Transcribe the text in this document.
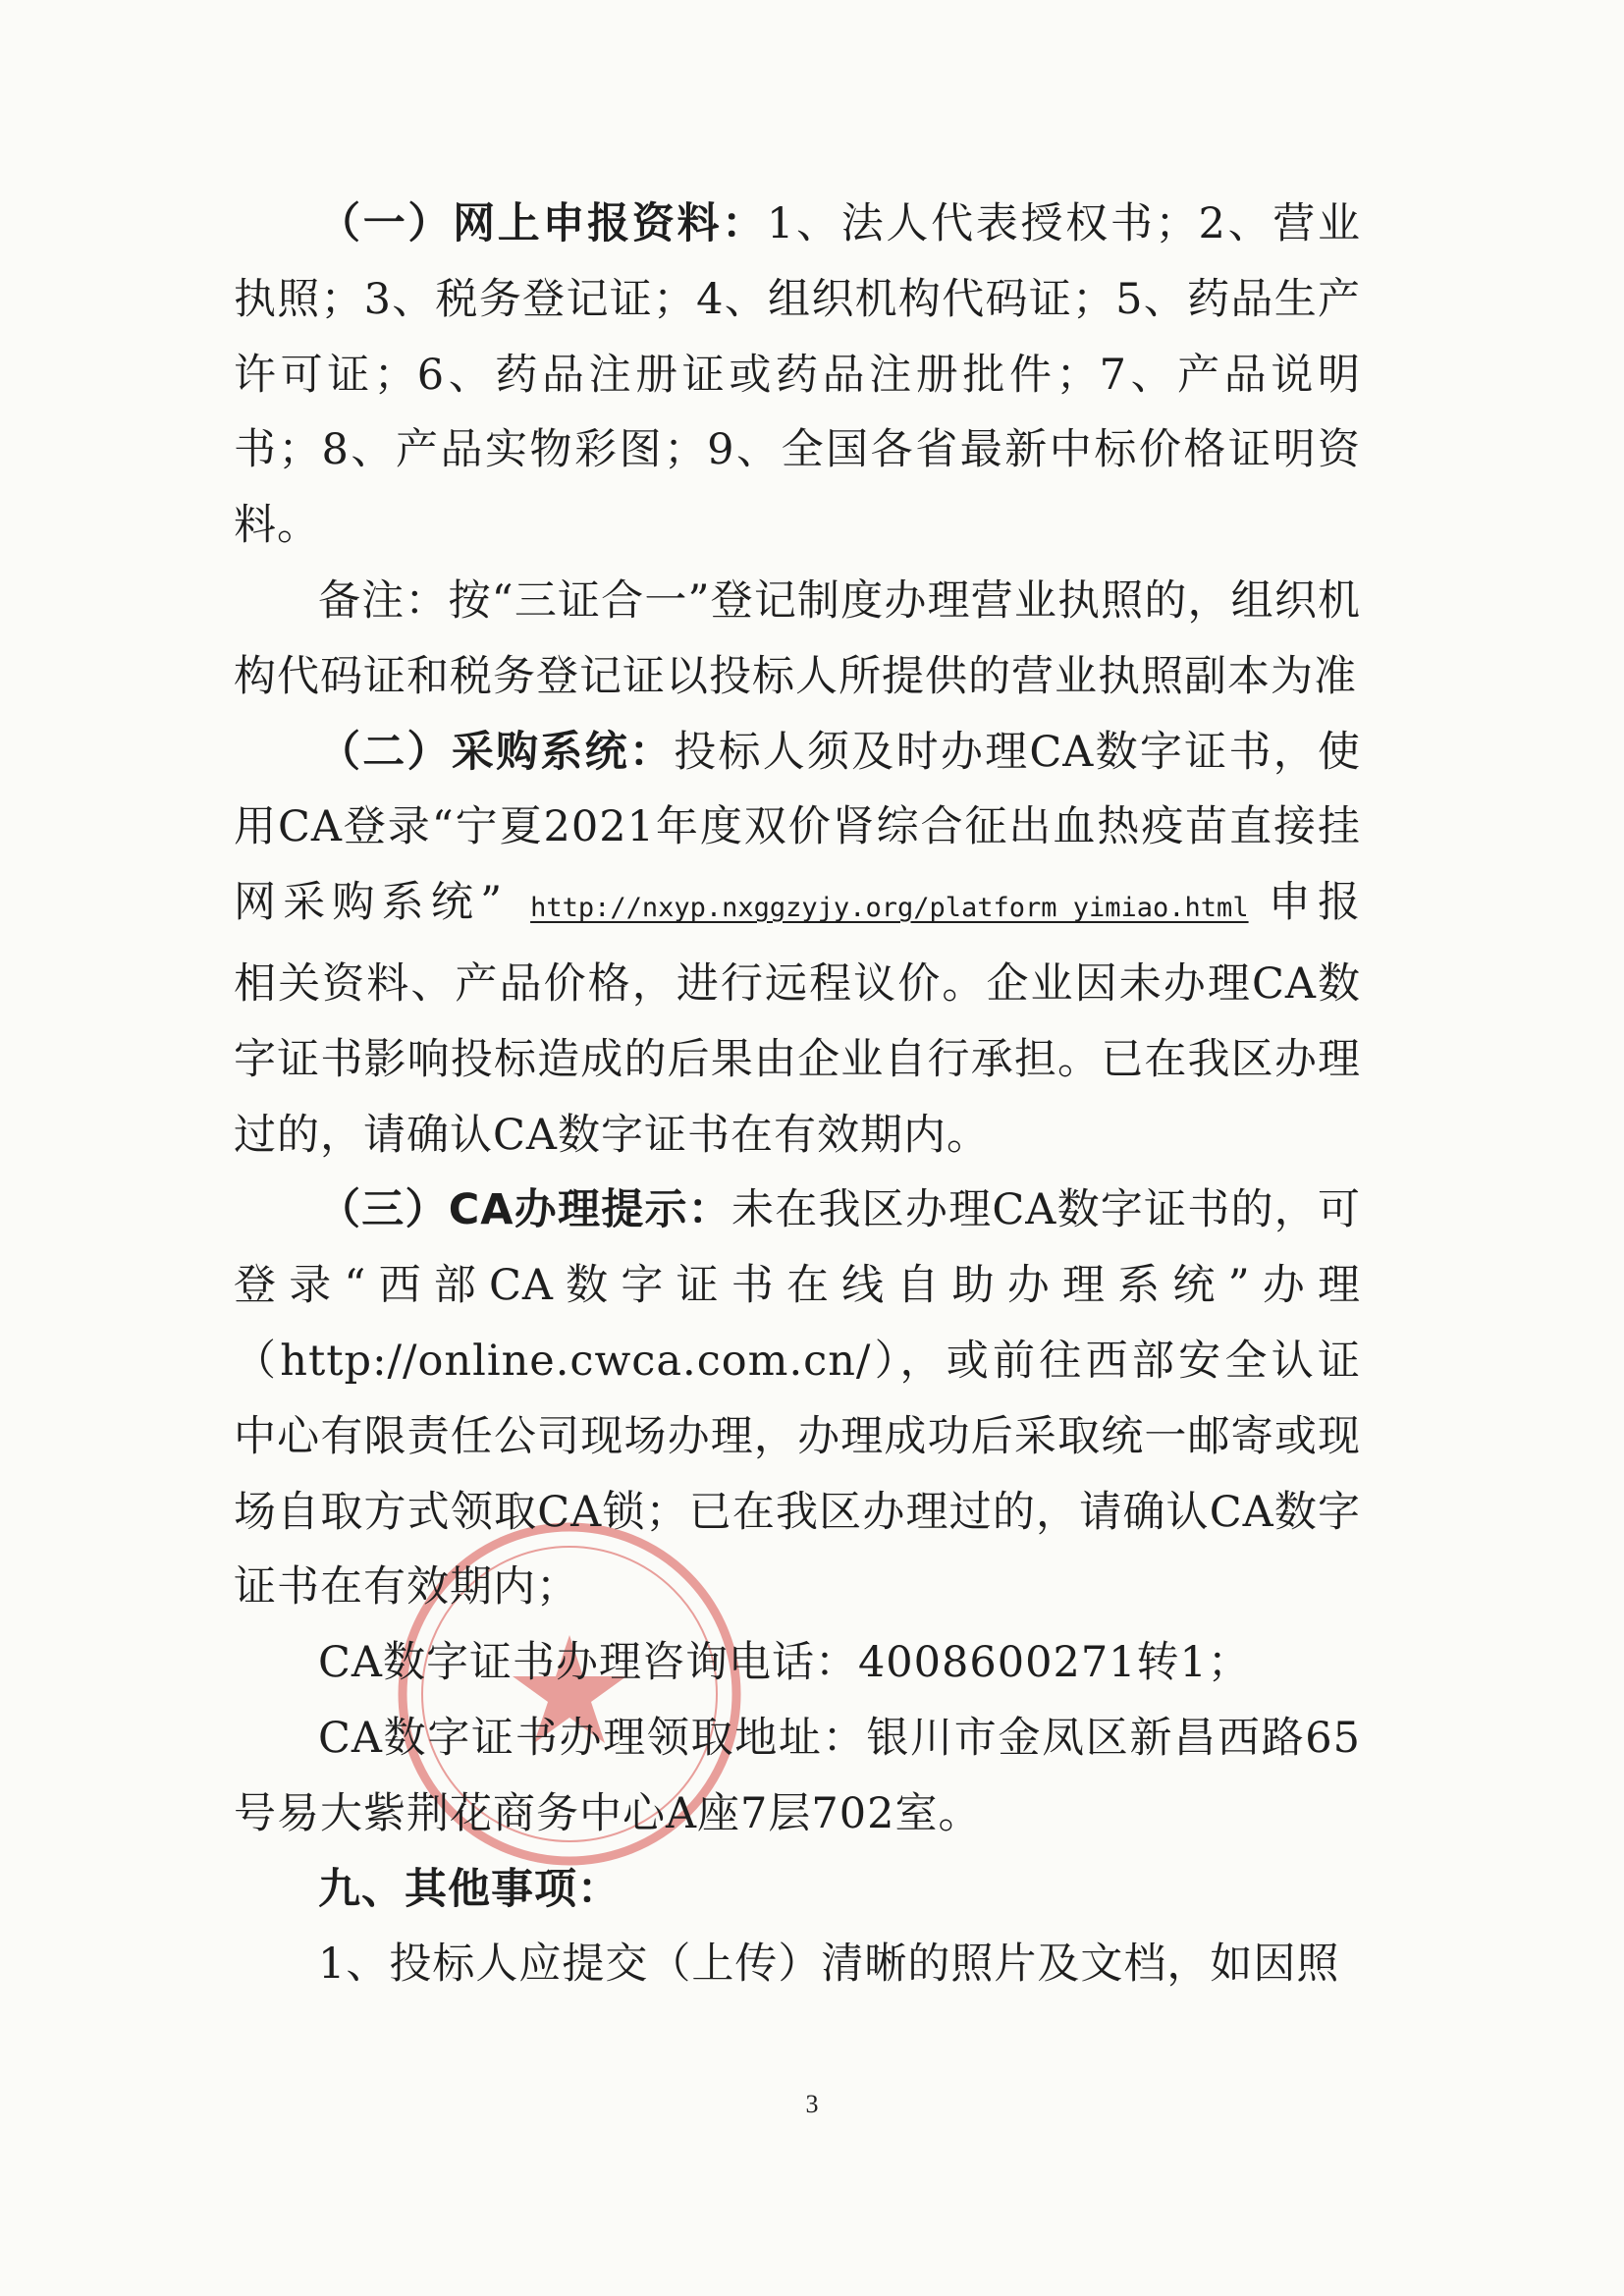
（一）网上申报资料：1、法人代表授权书；2、营业执照；3、税务登记证；4、组织机构代码证；5、药品生产许可证；6、药品注册证或药品注册批件；7、产品说明书；8、产品实物彩图；9、全国各省最新中标价格证明资料。

备注：按“三证合一”登记制度办理营业执照的，组织机构代码证和税务登记证以投标人所提供的营业执照副本为准

（二）采购系统：投标人须及时办理CA数字证书，使用CA登录“宁夏2021年度双价肾综合征出血热疫苗直接挂网采购系统” http://nxyp.nxggzyjy.org/platform_yimiao.html 申报相关资料、产品价格，进行远程议价。企业因未办理CA数字证书影响投标造成的后果由企业自行承担。已在我区办理过的，请确认CA数字证书在有效期内。

（三）CA办理提示：未在我区办理CA数字证书的，可登录“西部CA数字证书在线自助办理系统”办理（http://online.cwca.com.cn/），或前往西部安全认证中心有限责任公司现场办理，办理成功后采取统一邮寄或现场自取方式领取CA锁；已在我区办理过的，请确认CA数字证书在有效期内；

CA数字证书办理咨询电话：4008600271转1；

CA数字证书办理领取地址：银川市金凤区新昌西路65号易大紫荆花商务中心A座7层702室。

九、其他事项：

1、投标人应提交（上传）清晰的照片及文档，如因照

3
